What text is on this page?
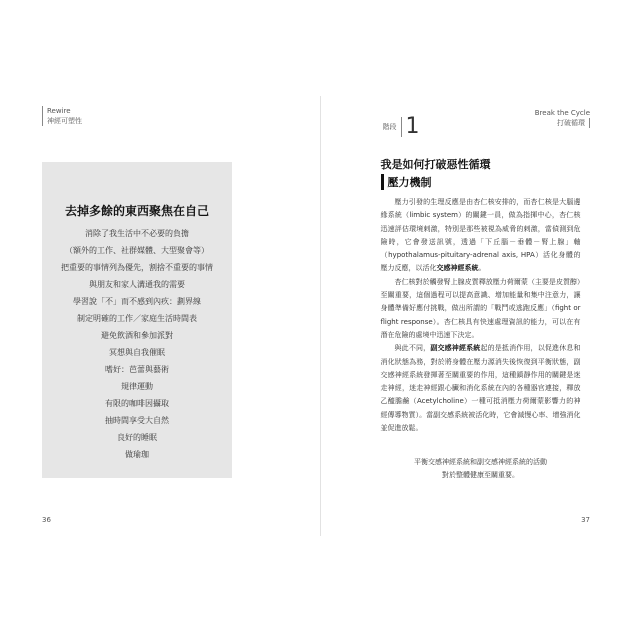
Rewire
神經可塑性
去掉多餘的東西聚焦在自己
消除了我生活中不必要的負擔
（額外的工作、社群媒體、大型聚會等）
把重要的事情列為優先，割捨不重要的事情
與朋友和家人溝通我的需要
學習說「不」而不感到內疚：劃界線
制定明確的工作／家庭生活時間表
避免飲酒和參加派對
冥想與自我催眠
嗜好：芭蕾與藝術
規律運動
有限的咖啡因攝取
抽時間享受大自然
良好的睡眠
做瑜珈
36
階段 1
Break the Cycle
打破循環
我是如何打破惡性循環
壓力機制

壓力引發的生理反應是由杏仁核安排的，而杏仁核是大腦邊緣系統（limbic system）的關鍵一員，做為指揮中心，杏仁核迅速評估環境刺激，特別是那些被視為威脅的刺激，當偵測到危險時，它會發送訊號，透過「下丘腦－垂體－腎上腺」軸（hypothalamus-pituitary-adrenal axis, HPA）活化身體的壓力反應，以活化交感神經系統。

杏仁核對於觸發腎上腺皮質釋放壓力荷爾蒙（主要是皮質醇）至關重要，這個過程可以提高意識、增加能量和集中注意力，讓身體準備好應付挑戰，做出所謂的「戰鬥或逃跑反應」（fight or flight response）。杏仁核具有快速處理資訊的能力，可以在有潛在危險的處境中迅速下決定。

與此不同，副交感神經系統起的是抵消作用，以促進休息和消化狀態為務，對於將身體在壓力源消失後恢復到平衡狀態，副交感神經系統發揮著至關重要的作用，這種鎮靜作用的關鍵是迷走神經，迷走神經跟心臟和消化系統在內的各種器官連接，釋放乙醯膽鹼（Acetylcholine）一種可抵消壓力荷爾蒙影響力的神經傳導物質）。當副交感系統被活化時，它會減慢心率、增強消化並促進放鬆。

平衡交感神經系統和副交感神經系統的活動
對於整體健康至關重要。
37
